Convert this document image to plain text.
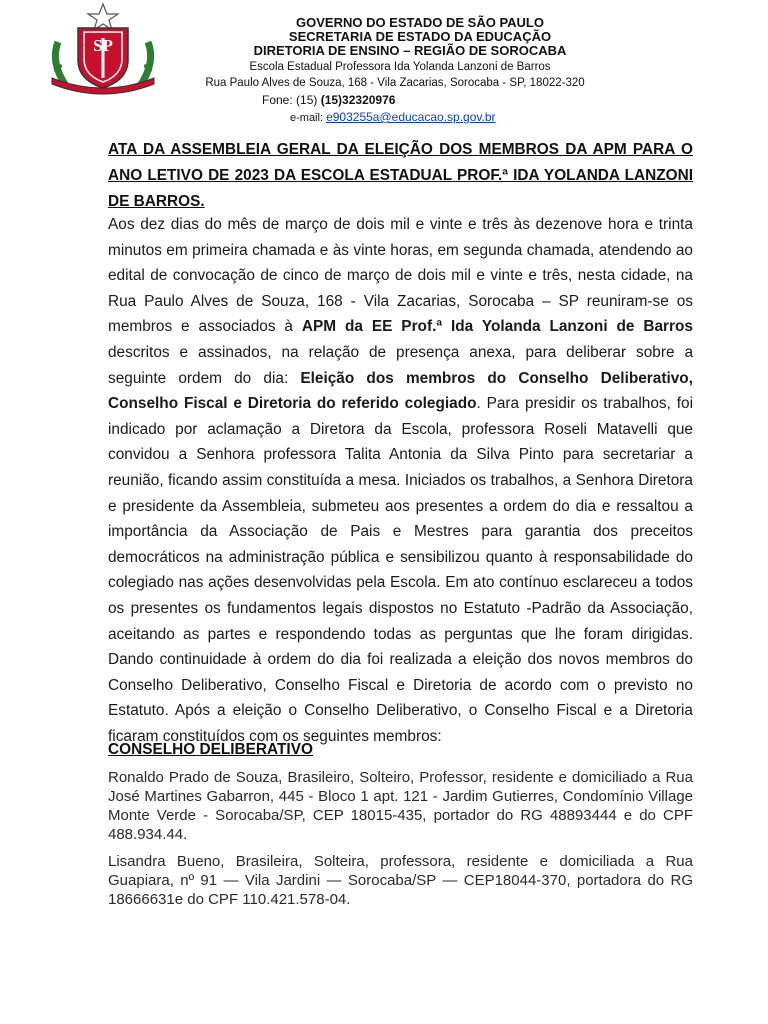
SP
GOVERNO DO ESTADO DE SÃO PAULO
SECRETARIA DE ESTADO DA EDUCAÇÃO
DIRETORIA DE ENSINO – REGIÃO DE SOROCABA
Escola Estadual Professora Ida Yolanda Lanzoni de Barros
Rua Paulo Alves de Souza, 168 - Vila Zacarias, Sorocaba - SP, 18022-320
Fone: (15) (15)32320976
e-mail: e903255a@educacao.sp.gov.br
ATA DA ASSEMBLEIA GERAL DA ELEIÇÃO DOS MEMBROS DA APM PARA O ANO LETIVO DE 2023 DA ESCOLA ESTADUAL PROF.ª IDA YOLANDA LANZONI DE BARROS.
Aos dez dias do mês de março de dois mil e vinte e três às dezenove hora e trinta minutos em primeira chamada e às vinte horas, em segunda chamada, atendendo ao edital de convocação de cinco de março de dois mil e vinte e três, nesta cidade, na Rua Paulo Alves de Souza, 168 - Vila Zacarias, Sorocaba – SP reuniram-se os membros e associados à APM da EE Prof.ª Ida Yolanda Lanzoni de Barros descritos e assinados, na relação de presença anexa, para deliberar sobre a seguinte ordem do dia: Eleição dos membros do Conselho Deliberativo, Conselho Fiscal e Diretoria do referido colegiado. Para presidir os trabalhos, foi indicado por aclamação a Diretora da Escola, professora Roseli Matavelli que convidou a Senhora professora Talita Antonia da Silva Pinto para secretariar a reunião, ficando assim constituída a mesa. Iniciados os trabalhos, a Senhora Diretora e presidente da Assembleia, submeteu aos presentes a ordem do dia e ressaltou a importância da Associação de Pais e Mestres para garantia dos preceitos democráticos na administração pública e sensibilizou quanto à responsabilidade do colegiado nas ações desenvolvidas pela Escola. Em ato contínuo esclareceu a todos os presentes os fundamentos legais dispostos no Estatuto -Padrão da Associação, aceitando as partes e respondendo todas as perguntas que lhe foram dirigidas. Dando continuidade à ordem do dia foi realizada a eleição dos novos membros do Conselho Deliberativo, Conselho Fiscal e Diretoria de acordo com o previsto no Estatuto. Após a eleição o Conselho Deliberativo, o Conselho Fiscal e a Diretoria ficaram constituídos com os seguintes membros:
CONSELHO DELIBERATIVO
Ronaldo Prado de Souza, Brasileiro, Solteiro, Professor, residente e domiciliado a Rua José Martines Gabarron, 445 - Bloco 1 apt. 121 - Jardim Gutierres, Condomínio Village Monte Verde - Sorocaba/SP, CEP 18015-435, portador do RG 48893444 e do CPF 488.934.44.
Lisandra Bueno, Brasileira, Solteira, professora, residente e domiciliada a Rua Guapiara, nº 91 — Vila Jardini — Sorocaba/SP — CEP18044-370, portadora do RG 18666631e do CPF 110.421.578-04.
